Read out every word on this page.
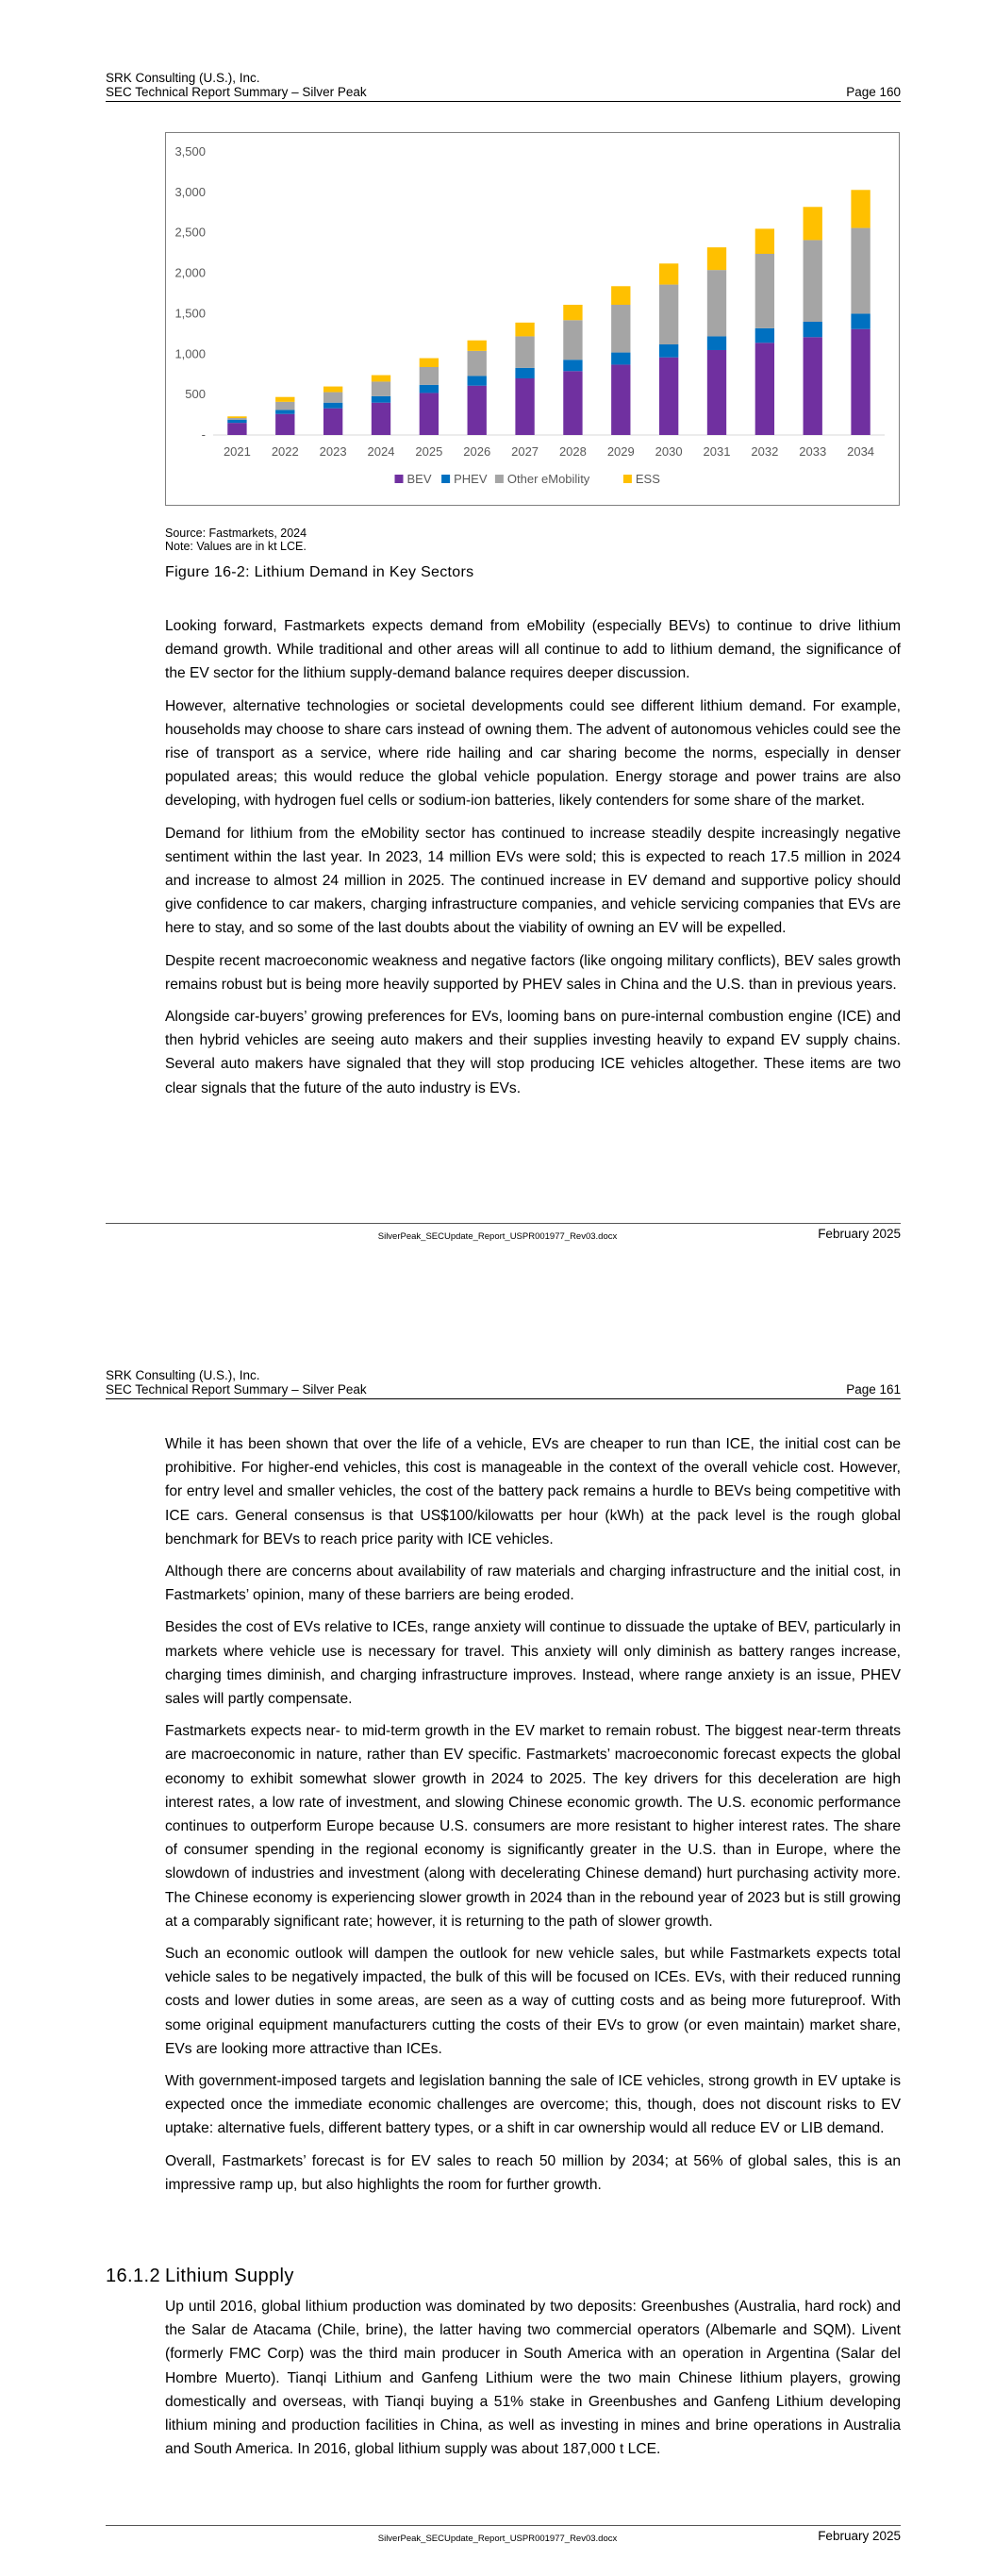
SRK Consulting (U.S.), Inc.
SEC Technical Report Summary – Silver Peak	Page 160
-
500
1,000
1,500
2,000
2,500
3,000
3,500
2021 2022 2023 2024 2025 2026 2027 2028 2029 2030 2031 2032 2033 2034
BEV PHEV Other eMobility	ESS
Source: Fastmarkets, 2024
Note: Values are in kt LCE.
Figure 16-2: Lithium Demand in Key Sectors

Looking forward, Fastmarkets expects demand from eMobility (especially BEVs) to continue to drive lithium demand growth. While traditional and other areas will all continue to add to lithium demand, the significance of the EV sector for the lithium supply-demand balance requires deeper discussion.

However, alternative technologies or societal developments could see different lithium demand. For example, households may choose to share cars instead of owning them. The advent of autonomous vehicles could see the rise of transport as a service, where ride hailing and car sharing become the norms, especially in denser populated areas; this would reduce the global vehicle population. Energy storage and power trains are also developing, with hydrogen fuel cells or sodium-ion batteries, likely contenders for some share of the market.

Demand for lithium from the eMobility sector has continued to increase steadily despite increasingly negative sentiment within the last year. In 2023, 14 million EVs were sold; this is expected to reach 17.5 million in 2024 and increase to almost 24 million in 2025. The continued increase in EV demand and supportive policy should give confidence to car makers, charging infrastructure companies, and vehicle servicing companies that EVs are here to stay, and so some of the last doubts about the viability of owning an EV will be expelled.

Despite recent macroeconomic weakness and negative factors (like ongoing military conflicts), BEV sales growth remains robust but is being more heavily supported by PHEV sales in China and the U.S. than in previous years.

Alongside car-buyers’ growing preferences for EVs, looming bans on pure-internal combustion engine (ICE) and then hybrid vehicles are seeing auto makers and their supplies investing heavily to expand EV supply chains. Several auto makers have signaled that they will stop producing ICE vehicles altogether. These items are two clear signals that the future of the auto industry is EVs.

SilverPeak_SECUpdate_Report_USPR001977_Rev03.docx	February 2025
SRK Consulting (U.S.), Inc.
SEC Technical Report Summary – Silver Peak	Page 161

While it has been shown that over the life of a vehicle, EVs are cheaper to run than ICE, the initial cost can be prohibitive. For higher-end vehicles, this cost is manageable in the context of the overall vehicle cost. However, for entry level and smaller vehicles, the cost of the battery pack remains a hurdle to BEVs being competitive with ICE cars. General consensus is that US$100/kilowatts per hour (kWh) at the pack level is the rough global benchmark for BEVs to reach price parity with ICE vehicles.

Although there are concerns about availability of raw materials and charging infrastructure and the initial cost, in Fastmarkets’ opinion, many of these barriers are being eroded.

Besides the cost of EVs relative to ICEs, range anxiety will continue to dissuade the uptake of BEV, particularly in markets where vehicle use is necessary for travel. This anxiety will only diminish as battery ranges increase, charging times diminish, and charging infrastructure improves. Instead, where range anxiety is an issue, PHEV sales will partly compensate.

Fastmarkets expects near- to mid-term growth in the EV market to remain robust. The biggest near-term threats are macroeconomic in nature, rather than EV specific. Fastmarkets’ macroeconomic forecast expects the global economy to exhibit somewhat slower growth in 2024 to 2025. The key drivers for this deceleration are high interest rates, a low rate of investment, and slowing Chinese economic growth. The U.S. economic performance continues to outperform Europe because U.S. consumers are more resistant to higher interest rates. The share of consumer spending in the regional economy is significantly greater in the U.S. than in Europe, where the slowdown of industries and investment (along with decelerating Chinese demand) hurt purchasing activity more. The Chinese economy is experiencing slower growth in 2024 than in the rebound year of 2023 but is still growing at a comparably significant rate; however, it is returning to the path of slower growth.

Such an economic outlook will dampen the outlook for new vehicle sales, but while Fastmarkets expects total vehicle sales to be negatively impacted, the bulk of this will be focused on ICEs. EVs, with their reduced running costs and lower duties in some areas, are seen as a way of cutting costs and as being more futureproof. With some original equipment manufacturers cutting the costs of their EVs to grow (or even maintain) market share, EVs are looking more attractive than ICEs.

With government-imposed targets and legislation banning the sale of ICE vehicles, strong growth in EV uptake is expected once the immediate economic challenges are overcome; this, though, does not discount risks to EV uptake: alternative fuels, different battery types, or a shift in car ownership would all reduce EV or LIB demand.

Overall, Fastmarkets’ forecast is for EV sales to reach 50 million by 2034; at 56% of global sales, this is an impressive ramp up, but also highlights the room for further growth.

16.1.2 Lithium Supply

Up until 2016, global lithium production was dominated by two deposits: Greenbushes (Australia, hard rock) and the Salar de Atacama (Chile, brine), the latter having two commercial operators (Albemarle and SQM). Livent (formerly FMC Corp) was the third main producer in South America with an operation in Argentina (Salar del Hombre Muerto). Tianqi Lithium and Ganfeng Lithium were the two main Chinese lithium players, growing domestically and overseas, with Tianqi buying a 51% stake in Greenbushes and Ganfeng Lithium developing lithium mining and production facilities in China, as well as investing in mines and brine operations in Australia and South America. In 2016, global lithium supply was about 187,000 t LCE.

SilverPeak_SECUpdate_Report_USPR001977_Rev03.docx	February 2025
